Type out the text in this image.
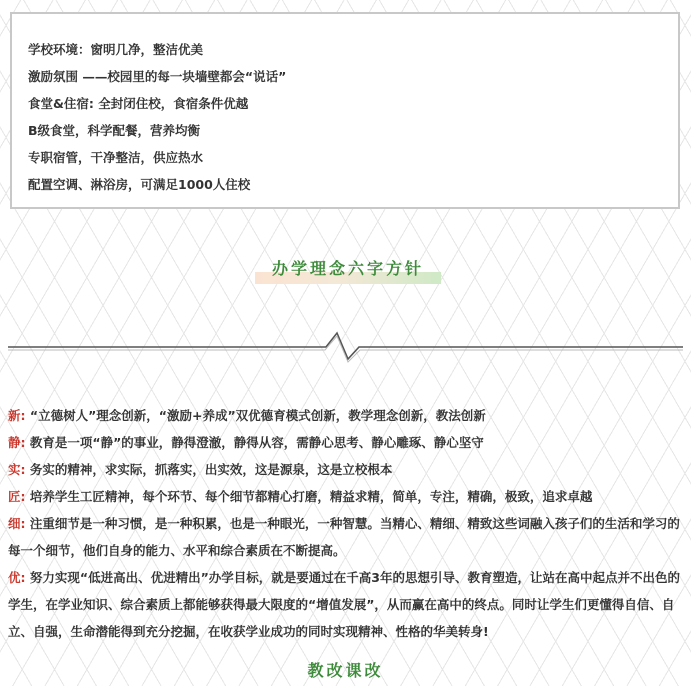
学校环境：窗明几净，整洁优美
激励氛围 ——校园里的每一块墙壁都会“说话”
食堂&住宿: 全封闭住校，食宿条件优越
B级食堂，科学配餐，营养均衡
专职宿管，干净整洁，供应热水
配置空调、淋浴房，可满足1000人住校
办学理念六字方针

新: “立德树人”理念创新，“激励+养成”双优德育模式创新，教学理念创新，教法创新

静: 教育是一项“静”的事业，静得澄澈，静得从容，需静心思考、静心雕琢、静心坚守

实: 务实的精神，求实际，抓落实，出实效，这是源泉，这是立校根本

匠: 培养学生工匠精神，每个环节、每个细节都精心打磨，精益求精，简单，专注，精确，极致，追求卓越

细: 注重细节是一种习惯，是一种积累，也是一种眼光，一种智慧。当精心、精细、精致这些词融入孩子们的生活和学习的每一个细节，他们自身的能力、水平和综合素质在不断提高。

优: 努力实现“低进高出、优进精出”办学目标，就是要通过在千高3年的思想引导、教育塑造，让站在高中起点并不出色的学生，在学业知识、综合素质上都能够获得最大限度的“增值发展”，从而赢在高中的终点。同时让学生们更懂得自信、自立、自强，生命潜能得到充分挖掘，在收获学业成功的同时实现精神、性格的华美转身!

教改课改
